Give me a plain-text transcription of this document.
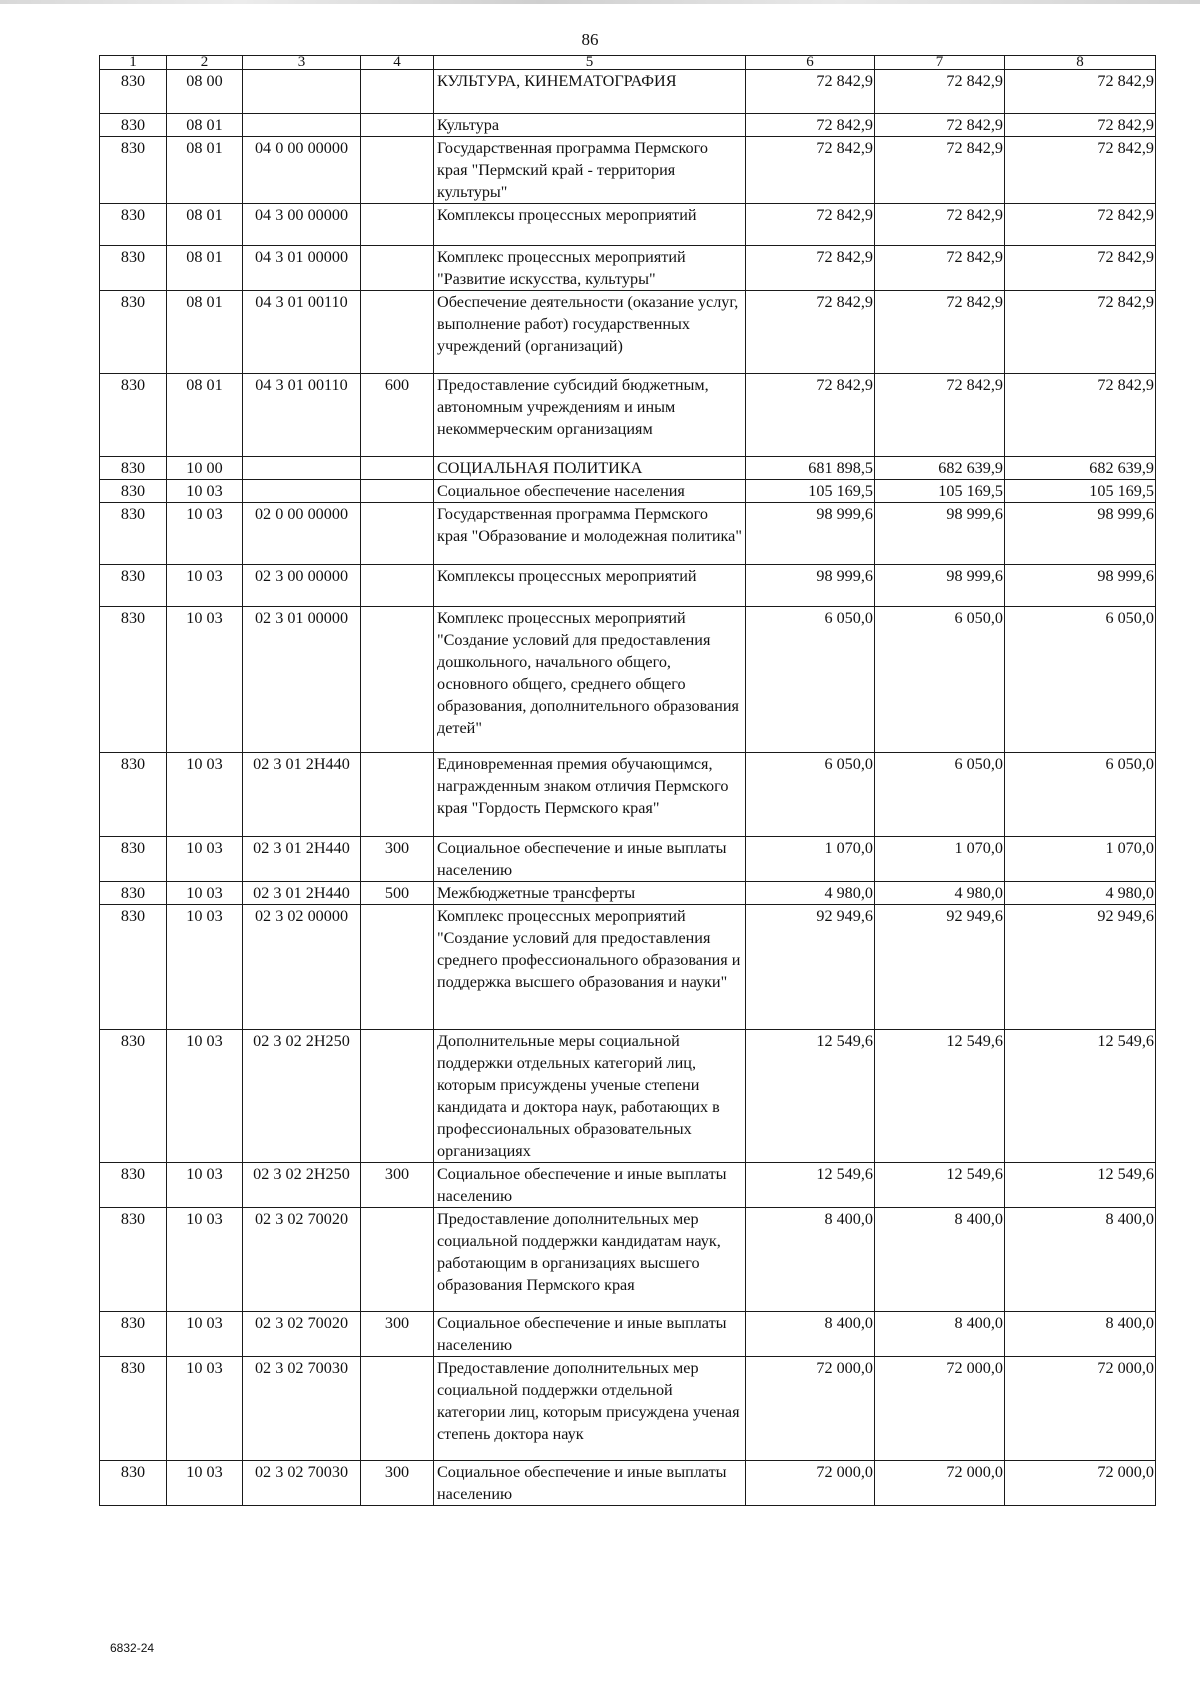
86
1	2	3	4	5	6	7	8
830	08 00			КУЛЬТУРА, КИНЕМАТОГРАФИЯ	72 842,9	72 842,9	72 842,9
830	08 01			Культура	72 842,9	72 842,9	72 842,9
830	08 01	04 0 00 00000		Государственная программа Пермского края "Пермский край - территория культуры"	72 842,9	72 842,9	72 842,9
830	08 01	04 3 00 00000		Комплексы процессных мероприятий	72 842,9	72 842,9	72 842,9
830	08 01	04 3 01 00000		Комплекс процессных мероприятий "Развитие искусства, культуры"	72 842,9	72 842,9	72 842,9
830	08 01	04 3 01 00110		Обеспечение деятельности (оказание услуг, выполнение работ) государственных учреждений (организаций)	72 842,9	72 842,9	72 842,9
830	08 01	04 3 01 00110	600	Предоставление субсидий бюджетным, автономным учреждениям и иным некоммерческим организациям	72 842,9	72 842,9	72 842,9
830	10 00			СОЦИАЛЬНАЯ ПОЛИТИКА	681 898,5	682 639,9	682 639,9
830	10 03			Социальное обеспечение населения	105 169,5	105 169,5	105 169,5
830	10 03	02 0 00 00000		Государственная программа Пермского края "Образование и молодежная политика"	98 999,6	98 999,6	98 999,6
830	10 03	02 3 00 00000		Комплексы процессных мероприятий	98 999,6	98 999,6	98 999,6
830	10 03	02 3 01 00000		Комплекс процессных мероприятий "Создание условий для предоставления дошкольного, начального общего, основного общего, среднего общего образования, дополнительного образования детей"	6 050,0	6 050,0	6 050,0
830	10 03	02 3 01 2Н440		Единовременная премия обучающимся, награжденным знаком отличия Пермского края "Гордость Пермского края"	6 050,0	6 050,0	6 050,0
830	10 03	02 3 01 2Н440	300	Социальное обеспечение и иные выплаты населению	1 070,0	1 070,0	1 070,0
830	10 03	02 3 01 2Н440	500	Межбюджетные трансферты	4 980,0	4 980,0	4 980,0
830	10 03	02 3 02 00000		Комплекс процессных мероприятий "Создание условий для предоставления среднего профессионального образования и поддержка высшего образования и науки"	92 949,6	92 949,6	92 949,6
830	10 03	02 3 02 2Н250		Дополнительные меры социальной поддержки отдельных категорий лиц, которым присуждены ученые степени кандидата и доктора наук, работающих в профессиональных образовательных организациях	12 549,6	12 549,6	12 549,6
830	10 03	02 3 02 2Н250	300	Социальное обеспечение и иные выплаты населению	12 549,6	12 549,6	12 549,6
830	10 03	02 3 02 70020		Предоставление дополнительных мер социальной поддержки кандидатам наук, работающим в организациях высшего образования Пермского края	8 400,0	8 400,0	8 400,0
830	10 03	02 3 02 70020	300	Социальное обеспечение и иные выплаты населению	8 400,0	8 400,0	8 400,0
830	10 03	02 3 02 70030		Предоставление дополнительных мер социальной поддержки отдельной категории лиц, которым присуждена ученая степень доктора наук	72 000,0	72 000,0	72 000,0
830	10 03	02 3 02 70030	300	Социальное обеспечение и иные выплаты населению	72 000,0	72 000,0	72 000,0
6832-24
